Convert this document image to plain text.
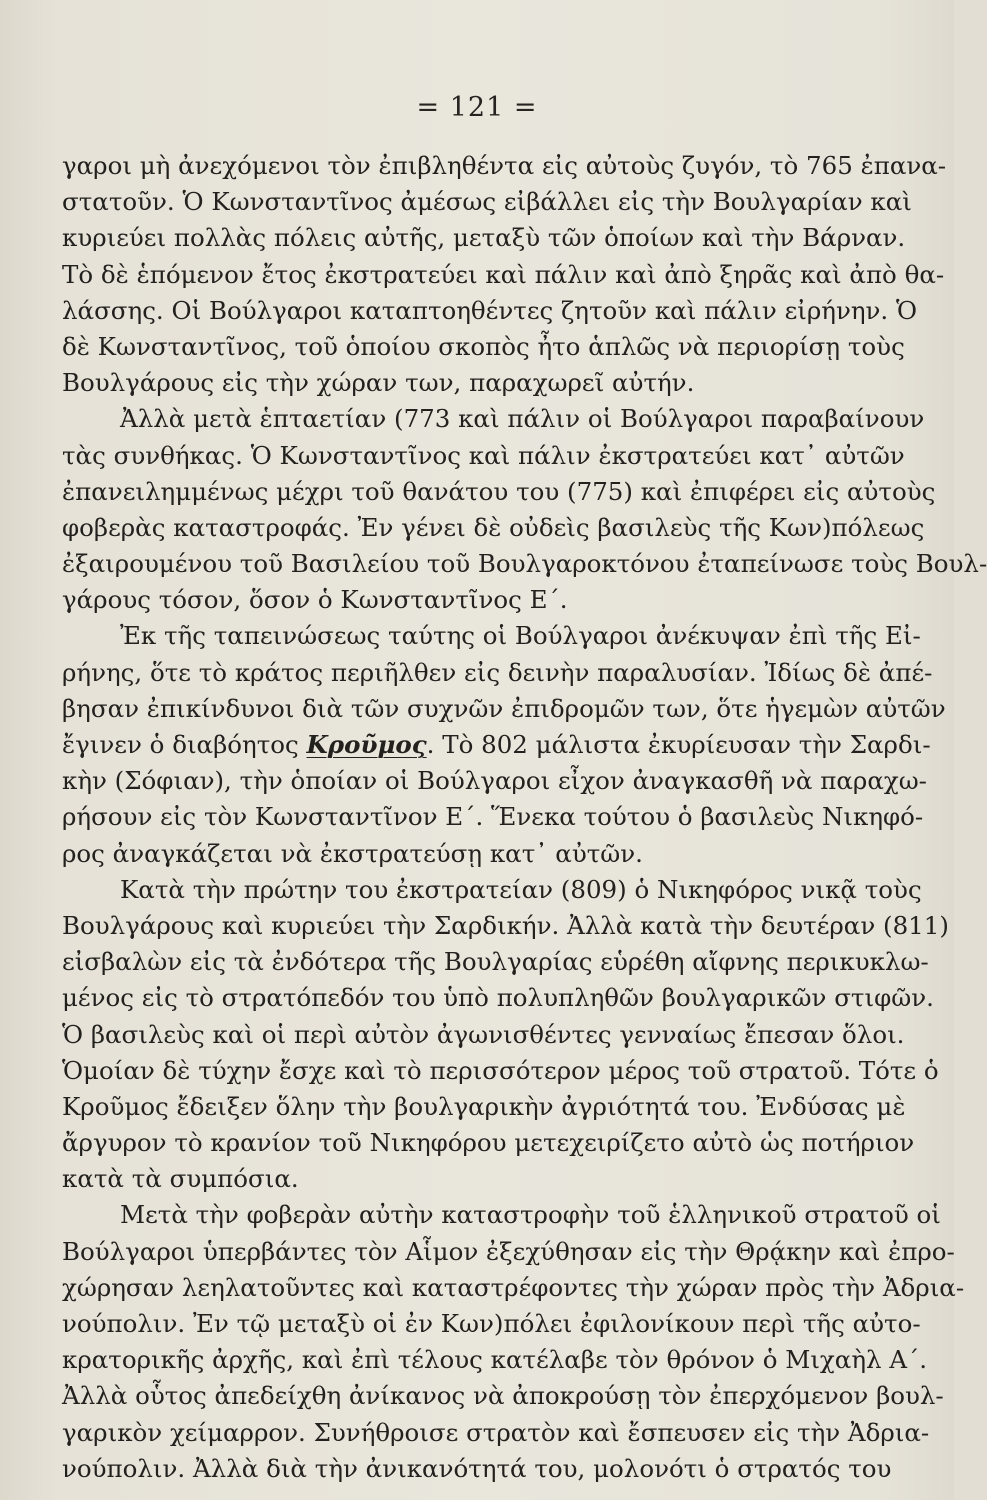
= 121 =
γαροι μὴ ἀνεχόμενοι τὸν ἐπιβληθέντα εἰς αὐτοὺς ζυγόν, τὸ 765 ἐπανα-
στατοῦν. Ὁ Κωνσταντῖνος ἀμέσως εἰβάλλει εἰς τὴν Βουλγαρίαν καὶ
κυριεύει πολλὰς πόλεις αὐτῆς, μεταξὺ τῶν ὁποίων καὶ τὴν Βάρναν.
Τὸ δὲ ἑπόμενον ἔτος ἐκστρατεύει καὶ πάλιν καὶ ἀπὸ ξηρᾶς καὶ ἀπὸ θα-
λάσσης. Οἱ Βούλγαροι καταπτοηθέντες ζητοῦν καὶ πάλιν εἰρήνην. Ὁ
δὲ Κωνσταντῖνος, τοῦ ὁποίου σκοπὸς ἦτο ἁπλῶς νὰ περιορίσῃ τοὺς
Βουλγάρους εἰς τὴν χώραν των, παραχωρεῖ αὐτήν.
Ἀλλὰ μετὰ ἑπταετίαν (773 καὶ πάλιν οἱ Βούλγαροι παραβαίνουν
τὰς συνθήκας. Ὁ Κωνσταντῖνος καὶ πάλιν ἐκστρατεύει κατ᾿ αὐτῶν
ἐπανειλημμένως μέχρι τοῦ θανάτου του (775) καὶ ἐπιφέρει εἰς αὐτοὺς
φοβερὰς καταστροφάς. Ἐν γένει δὲ οὐδεὶς βασιλεὺς τῆς Κων)πόλεως
ἐξαιρουμένου τοῦ Βασιλείου τοῦ Βουλγαροκτόνου ἐταπείνωσε τοὺς Βουλ-
γάρους τόσον, ὅσον ὁ Κωνσταντῖνος Ε΄.
Ἐκ τῆς ταπεινώσεως ταύτης οἱ Βούλγαροι ἀνέκυψαν ἐπὶ τῆς Εἰ-
ρήνης, ὅτε τὸ κράτος περιῆλθεν εἰς δεινὴν παραλυσίαν. Ἰδίως δὲ ἀπέ-
βησαν ἐπικίνδυνοι διὰ τῶν συχνῶν ἐπιδρομῶν των, ὅτε ἡγεμὼν αὐτῶν
ἔγινεν ὁ διαβόητος Κροῦμος. Τὸ 802 μάλιστα ἐκυρίευσαν τὴν Σαρδι-
κὴν (Σόφιαν), τὴν ὁποίαν οἱ Βούλγαροι εἶχον ἀναγκασθῆ νὰ παραχω-
ρήσουν εἰς τὸν Κωνσταντῖνον Ε΄. Ἕνεκα τούτου ὁ βασιλεὺς Νικηφό-
ρος ἀναγκάζεται νὰ ἐκστρατεύσῃ κατ᾿ αὐτῶν.
Κατὰ τὴν πρώτην του ἐκστρατείαν (809) ὁ Νικηφόρος νικᾷ τοὺς
Βουλγάρους καὶ κυριεύει τὴν Σαρδικήν. Ἀλλὰ κατὰ τὴν δευτέραν (811)
εἰσβαλὼν εἰς τὰ ἐνδότερα τῆς Βουλγαρίας εὑρέθη αἴφνης περικυκλω-
μένος εἰς τὸ στρατόπεδόν του ὑπὸ πολυπληθῶν βουλγαρικῶν στιφῶν.
Ὁ βασιλεὺς καὶ οἱ περὶ αὐτὸν ἀγωνισθέντες γενναίως ἔπεσαν ὅλοι.
Ὁμοίαν δὲ τύχην ἔσχε καὶ τὸ περισσότερον μέρος τοῦ στρατοῦ. Τότε ὁ
Κροῦμος ἔδειξεν ὅλην τὴν βουλγαρικὴν ἀγριότητά του. Ἐνδύσας μὲ
ἄργυρον τὸ κρανίον τοῦ Νικηφόρου μετεχειρίζετο αὐτὸ ὡς ποτήριον
κατὰ τὰ συμπόσια.
Μετὰ τὴν φοβερὰν αὐτὴν καταστροφὴν τοῦ ἑλληνικοῦ στρατοῦ οἱ
Βούλγαροι ὑπερβάντες τὸν Αἷμον ἐξεχύθησαν εἰς τὴν Θρᾴκην καὶ ἐπρο-
χώρησαν λεηλατοῦντες καὶ καταστρέφοντες τὴν χώραν πρὸς τὴν Ἀδρια-
νούπολιν. Ἐν τῷ μεταξὺ οἱ ἐν Κων)πόλει ἐφιλονίκουν περὶ τῆς αὐτο-
κρατορικῆς ἀρχῆς, καὶ ἐπὶ τέλους κατέλαβε τὸν θρόνον ὁ Μιχαὴλ Α΄.
Ἀλλὰ οὗτος ἀπεδείχθη ἀνίκανος νὰ ἀποκρούσῃ τὸν ἐπερχόμενον βουλ-
γαρικὸν χείμαρρον. Συνήθροισε στρατὸν καὶ ἔσπευσεν εἰς τὴν Ἀδρια-
νούπολιν. Ἀλλὰ διὰ τὴν ἀνικανότητά του, μολονότι ὁ στρατός του
